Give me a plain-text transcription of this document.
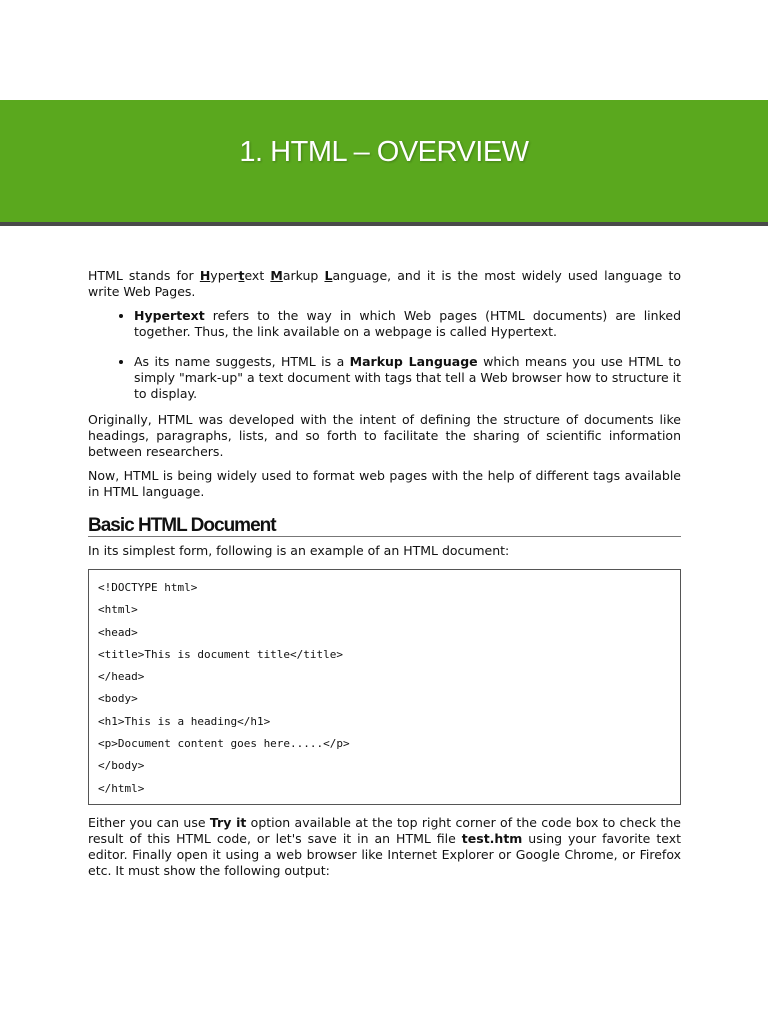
1. HTML – OVERVIEW

HTML stands for Hypertext Markup Language, and it is the most widely used language to write Web Pages.

• Hypertext refers to the way in which Web pages (HTML documents) are linked together. Thus, the link available on a webpage is called Hypertext.
• As its name suggests, HTML is a Markup Language which means you use HTML to simply "mark-up" a text document with tags that tell a Web browser how to structure it to display.

Originally, HTML was developed with the intent of defining the structure of documents like headings, paragraphs, lists, and so forth to facilitate the sharing of scientific information between researchers.

Now, HTML is being widely used to format web pages with the help of different tags available in HTML language.

Basic HTML Document

In its simplest form, following is an example of an HTML document:

<!DOCTYPE html>
<html>
<head>
<title>This is document title</title>
</head>
<body>
<h1>This is a heading</h1>
<p>Document content goes here.....</p>
</body>
</html>

Either you can use Try it option available at the top right corner of the code box to check the result of this HTML code, or let's save it in an HTML file test.htm using your favorite text editor. Finally open it using a web browser like Internet Explorer or Google Chrome, or Firefox etc. It must show the following output:
